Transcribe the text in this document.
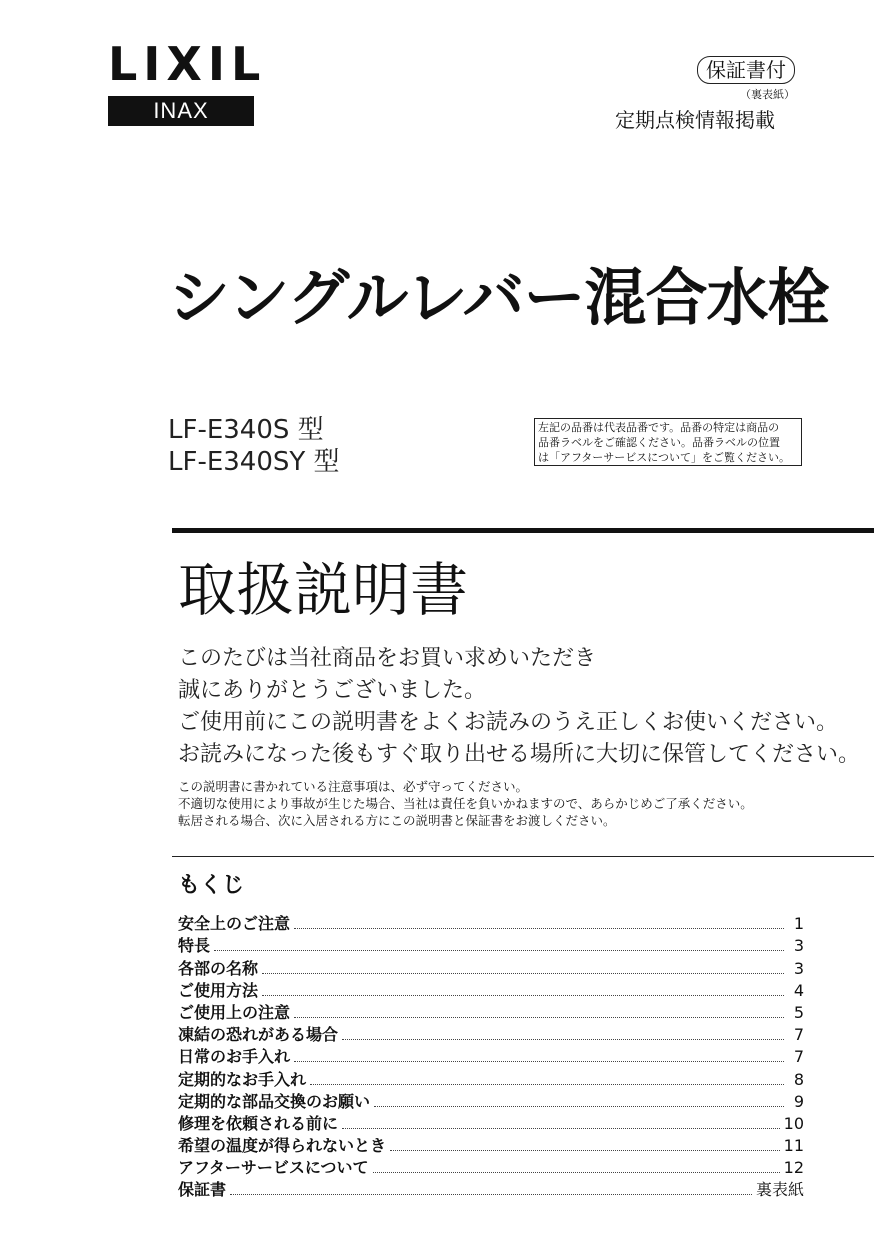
LIXIL
INAX
保証書付
（裏表紙）
定期点検情報掲載
シングルレバー混合水栓
LF-E340S 型
LF-E340SY 型
左記の品番は代表品番です。品番の特定は商品の
品番ラベルをご確認ください。品番ラベルの位置
は「アフターサービスについて」をご覧ください。
取扱説明書
このたびは当社商品をお買い求めいただき
誠にありがとうございました。
ご使用前にこの説明書をよくお読みのうえ正しくお使いください。
お読みになった後もすぐ取り出せる場所に大切に保管してください。
この説明書に書かれている注意事項は、必ず守ってください。
不適切な使用により事故が生じた場合、当社は責任を負いかねますので、あらかじめご了承ください。
転居される場合、次に入居される方にこの説明書と保証書をお渡しください。
もくじ
安全上のご注意	1
特長	3
各部の名称	3
ご使用方法	4
ご使用上の注意	5
凍結の恐れがある場合	7
日常のお手入れ	7
定期的なお手入れ	8
定期的な部品交換のお願い	9
修理を依頼される前に	10
希望の温度が得られないとき	11
アフターサービスについて	12
保証書	裏表紙
